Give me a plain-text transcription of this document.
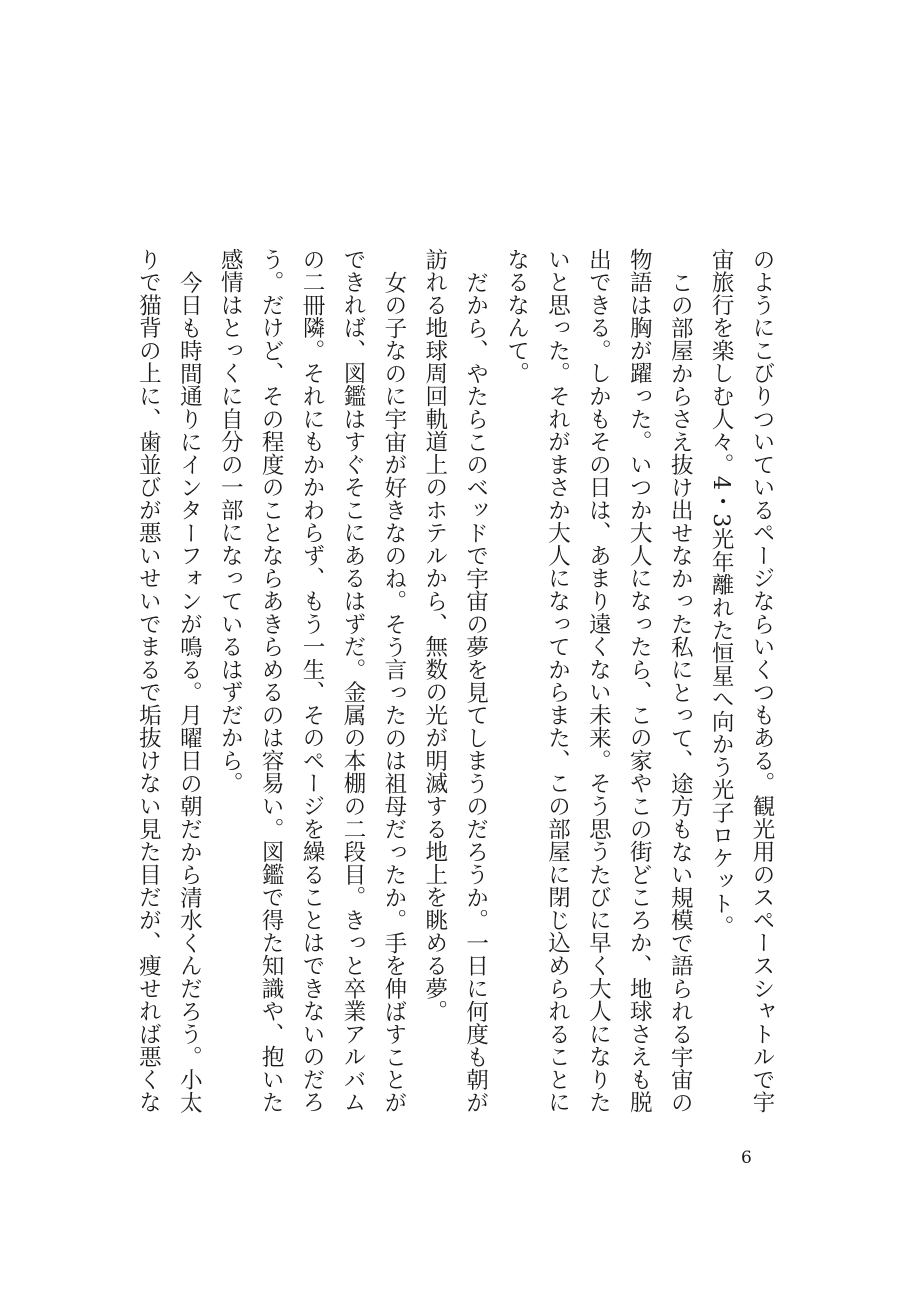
のようにこびりついているページならいくつもある。観光用のスペースシャトルで宇宙旅行を楽しむ人々。4・3光年離れた恒星へ向かう光子ロケット。

この部屋からさえ抜け出せなかった私にとって、途方もない規模で語られる宇宙の物語は胸が躍った。いつか大人になったら、この家やこの街どころか、地球さえも脱出できる。しかもその日は、あまり遠くない未来。そう思うたびに早く大人になりたいと思った。それがまさか大人になってからまた、この部屋に閉じ込められることになるなんて。

だから、やたらこのベッドで宇宙の夢を見てしまうのだろうか。一日に何度も朝が訪れる地球周回軌道上のホテルから、無数の光が明滅する地上を眺める夢。

女の子なのに宇宙が好きなのね。そう言ったのは祖母だったか。手を伸ばすことができれば、図鑑はすぐそこにあるはずだ。金属の本棚の二段目。きっと卒業アルバムの二冊隣。それにもかかわらず、もう一生、そのページを繰ることはできないのだろう。だけど、その程度のことならあきらめるのは容易い。図鑑で得た知識や、抱いた感情はとっくに自分の一部になっているはずだから。

今日も時間通りにインターフォンが鳴る。月曜日の朝だから清水くんだろう。小太りで猫背の上に、歯並びが悪いせいでまるで垢抜けない見た目だが、痩せれば悪くな

6
